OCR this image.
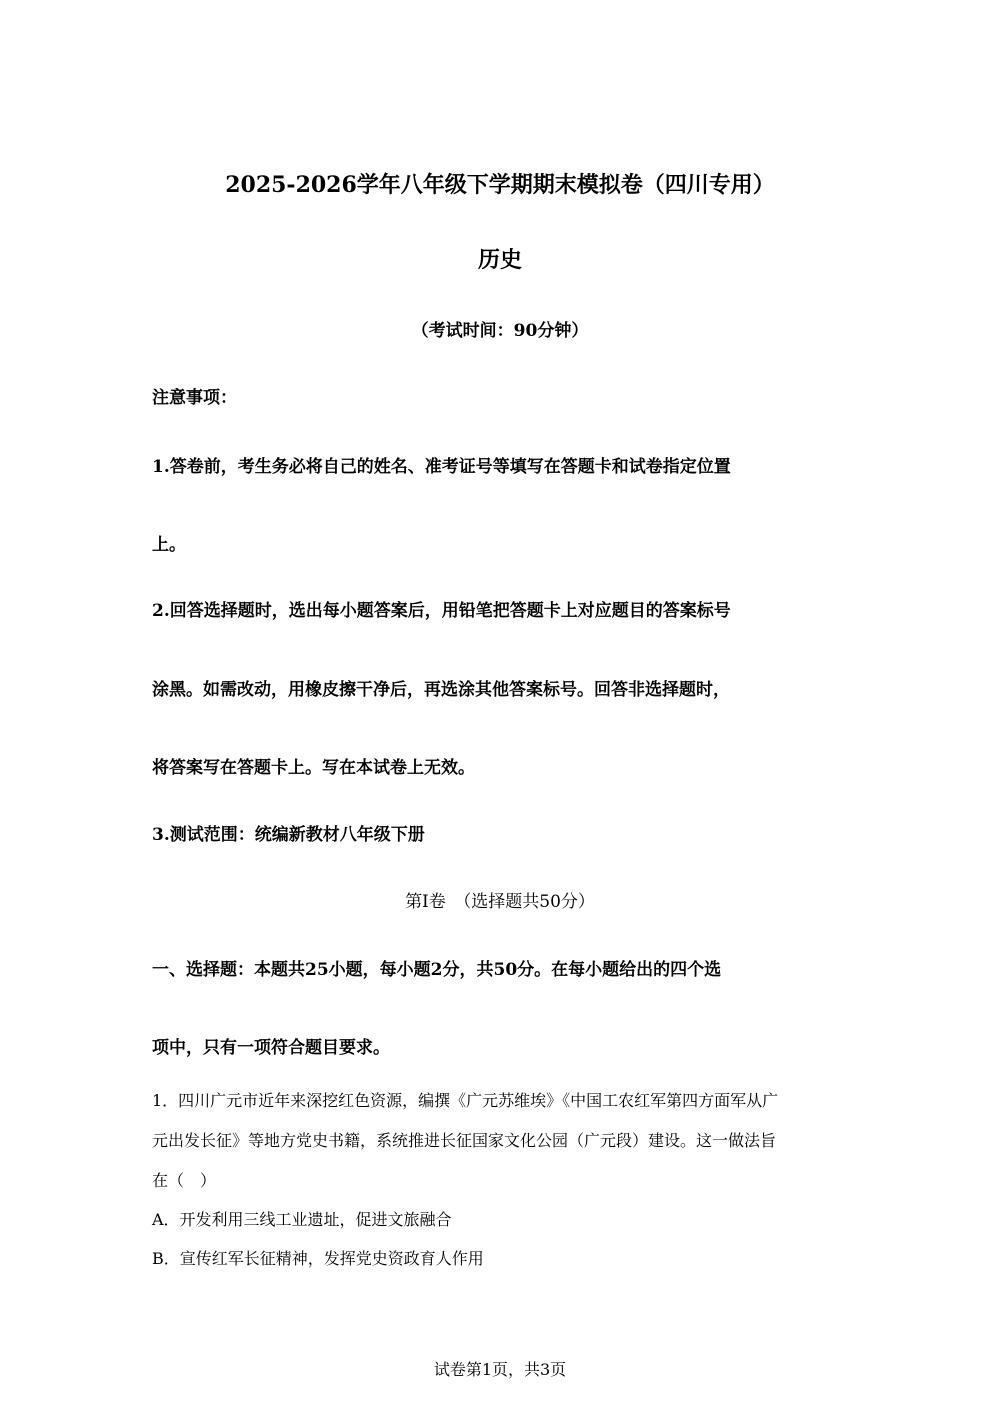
2025-2026学年八年级下学期期末模拟卷（四川专用）
历史
（考试时间：90分钟）
注意事项：
1.答卷前，考生务必将自己的姓名、准考证号等填写在答题卡和试卷指定位置
上。
2.回答选择题时，选出每小题答案后，用铅笔把答题卡上对应题目的答案标号
涂黑。如需改动，用橡皮擦干净后，再选涂其他答案标号。回答非选择题时，
将答案写在答题卡上。写在本试卷上无效。
3.测试范围：统编新教材八年级下册
第Ⅰ卷　（选择题共50分）
一、选择题：本题共25小题，每小题2分，共50分。在每小题给出的四个选
项中，只有一项符合题目要求。
1．四川广元市近年来深挖红色资源，编撰《广元苏维埃》《中国工农红军第四方面军从广
元出发长征》等地方党史书籍，系统推进长征国家文化公园（广元段）建设。这一做法旨
在（　）
A．开发利用三线工业遗址，促进文旅融合
B．宣传红军长征精神，发挥党史资政育人作用
试卷第1页，共3页
